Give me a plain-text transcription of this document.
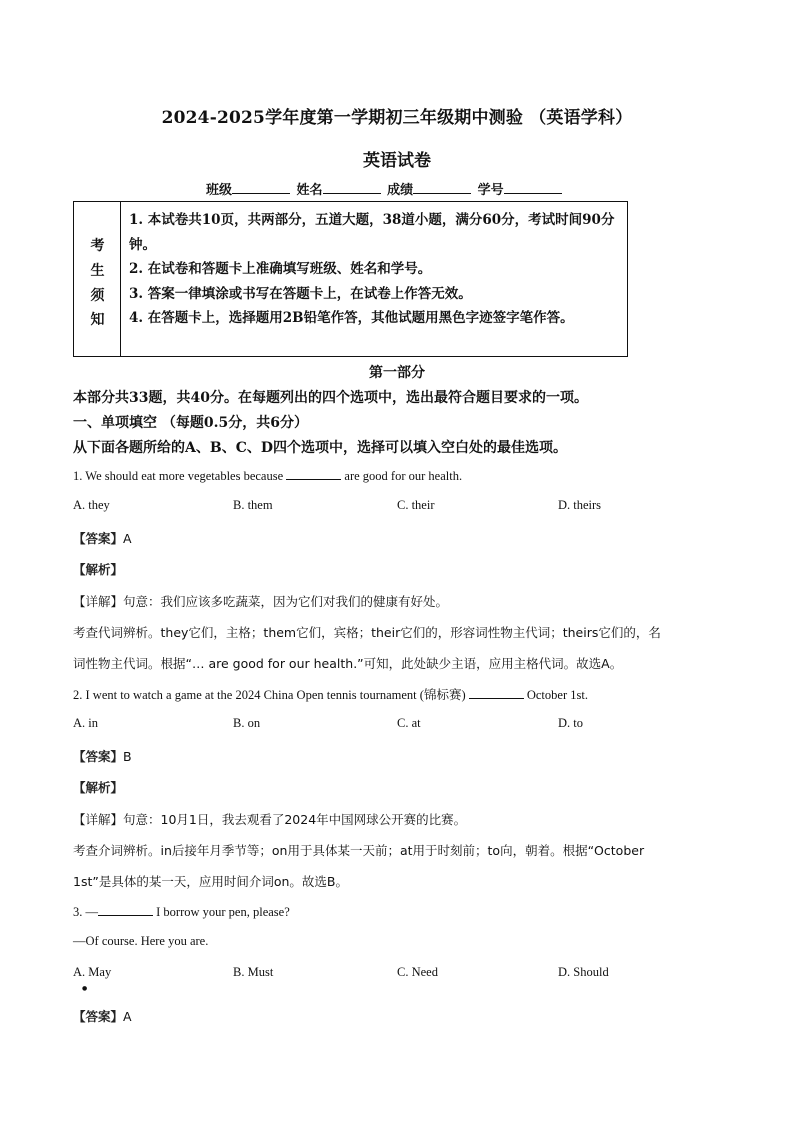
2024-2025学年度第一学期初三年级期中测验 （英语学科）
英语试卷
班级	姓名	成绩	学号
考
生
须
知

1. 本试卷共10页，共两部分，五道大题，38道小题，满分60分，考试时间90分钟。

2. 在试卷和答题卡上准确填写班级、姓名和学号。

3. 答案一律填涂或书写在答题卡上，在试卷上作答无效。

4. 在答题卡上，选择题用2B铅笔作答，其他试题用黑色字迹签字笔作答。

第一部分
本部分共33题，共40分。在每题列出的四个选项中，选出最符合题目要求的一项。
一、单项填空 （每题0.5分，共6分）
从下面各题所给的A、B、C、D四个选项中，选择可以填入空白处的最佳选项。
1. We should eat more vegetables because	are good for our health.
A. they	B. them	C. their	D. theirs
【答案】A
【解析】
【详解】句意：我们应该多吃蔬菜，因为它们对我们的健康有好处。
考查代词辨析。they它们，主格；them它们，宾格；their它们的，形容词性物主代词；theirs它们的，名
词性物主代词。根据“… are good for our health.”可知，此处缺少主语，应用主格代词。故选A。
2. I went to watch a game at the 2024 China Open tennis tournament (锦标赛)	October 1st.
A. in	B. on	C. at	D. to
【答案】B
【解析】
【详解】句意：10月1日，我去观看了2024年中国网球公开赛的比赛。
考查介词辨析。in后接年月季节等；on用于具体某一天前；at用于时刻前；to向，朝着。根据“October
1st”是具体的某一天，应用时间介词on。故选B。
3. —	I borrow your pen, please?
—Of course. Here you are.
A. May	B. Must	C. Need	D. Should
●
【答案】A
